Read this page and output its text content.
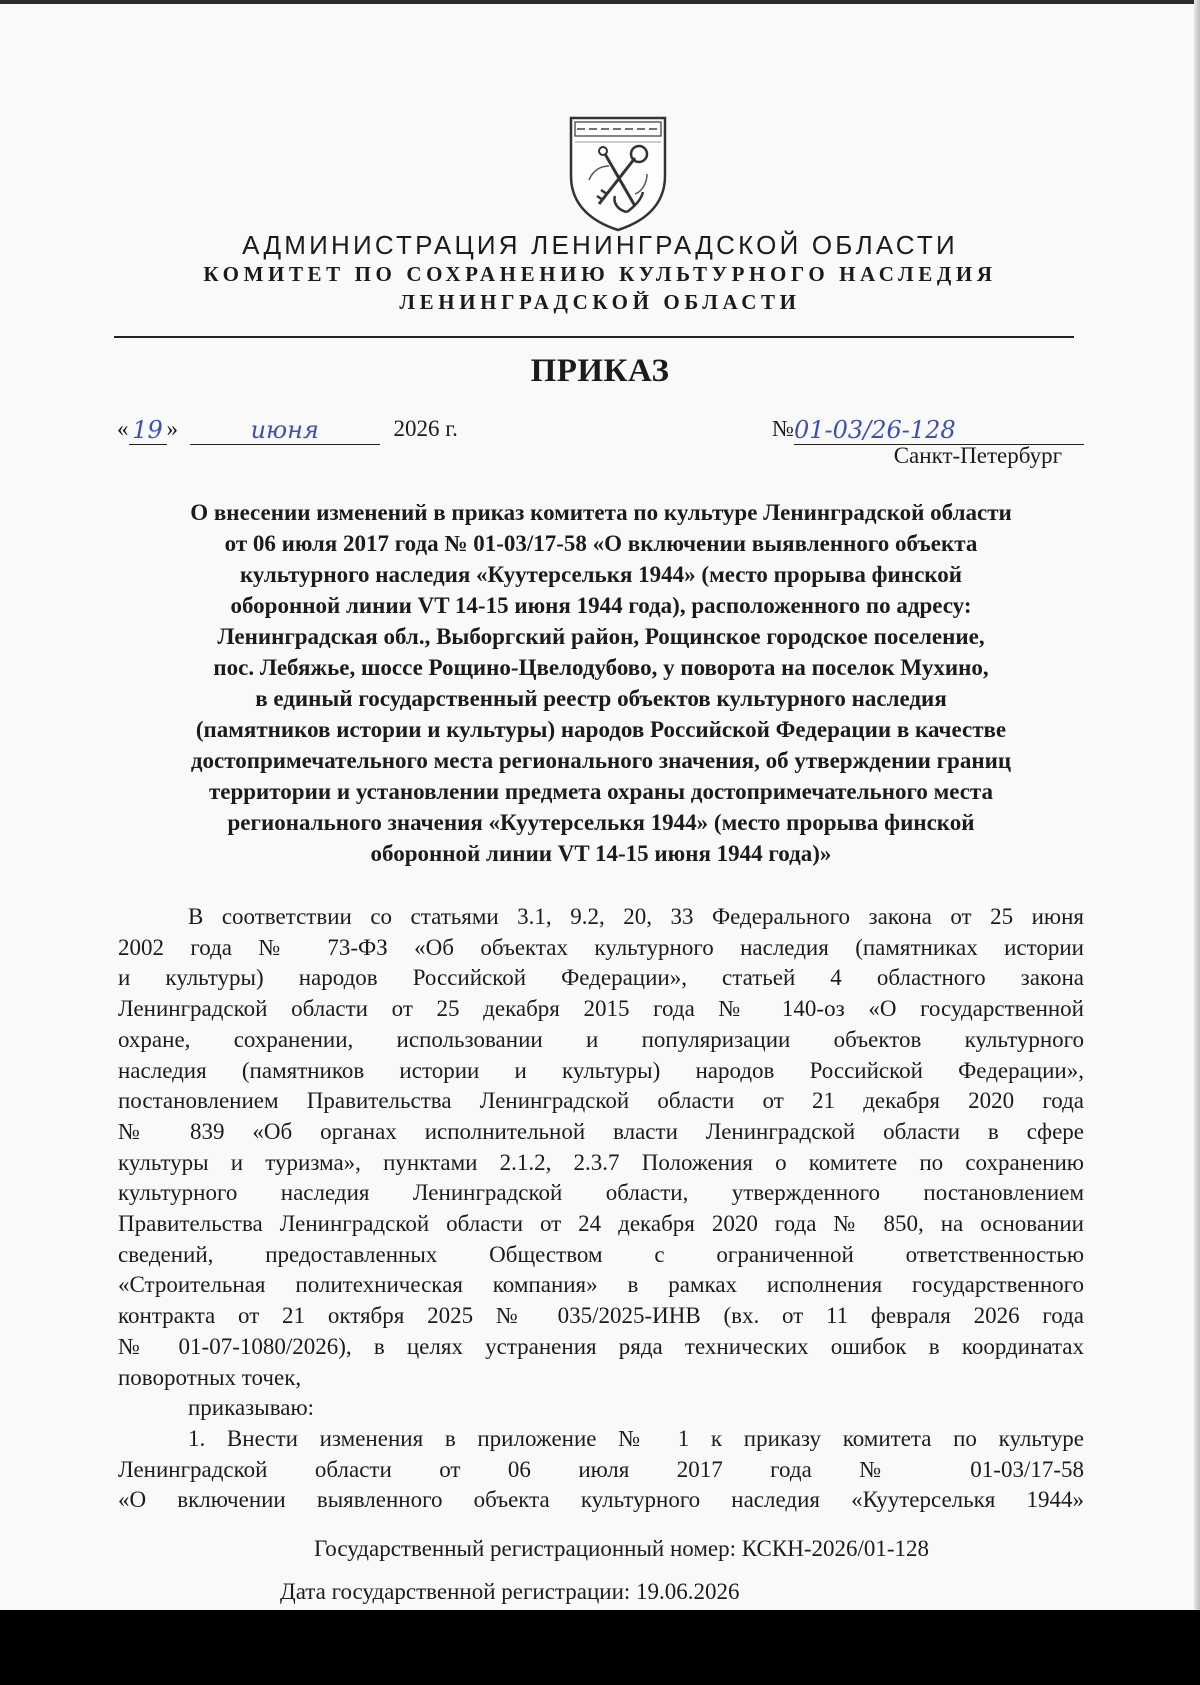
АДМИНИСТРАЦИЯ ЛЕНИНГРАДСКОЙ ОБЛАСТИ
КОМИТЕТ ПО СОХРАНЕНИЮ КУЛЬТУРНОГО НАСЛЕДИЯ
ЛЕНИНГРАДСКОЙ ОБЛАСТИ
ПРИКАЗ
« 19 »	июня	2026 г.	№01-03/26-128
Санкт-Петербург
О внесении изменений в приказ комитета по культуре Ленинградской области
от 06 июля 2017 года № 01-03/17-58 «О включении выявленного объекта
культурного наследия «Куутерселькя 1944» (место прорыва финской
оборонной линии VT 14-15 июня 1944 года), расположенного по адресу:
Ленинградская обл., Выборгский район, Рощинское городское поселение,
пос. Лебяжье, шоссе Рощино-Цвелодубово, у поворота на поселок Мухино,
в единый государственный реестр объектов культурного наследия
(памятников истории и культуры) народов Российской Федерации в качестве
достопримечательного места регионального значения, об утверждении границ
территории и установлении предмета охраны достопримечательного места
регионального значения «Куутерселькя 1944» (место прорыва финской
оборонной линии VT 14-15 июня 1944 года)»
В соответствии со статьями 3.1, 9.2, 20, 33 Федерального закона от 25 июня
2002 года № 73-ФЗ «Об объектах культурного наследия (памятниках истории
и культуры) народов Российской Федерации», статьей 4 областного закона
Ленинградской области от 25 декабря 2015 года № 140-оз «О государственной
охране, сохранении, использовании и популяризации объектов культурного
наследия (памятников истории и культуры) народов Российской Федерации»,
постановлением Правительства Ленинградской области от 21 декабря 2020 года
№ 839 «Об органах исполнительной власти Ленинградской области в сфере
культуры и туризма», пунктами 2.1.2, 2.3.7 Положения о комитете по сохранению
культурного наследия Ленинградской области, утвержденного постановлением
Правительства Ленинградской области от 24 декабря 2020 года № 850, на основании
сведений, предоставленных Обществом с ограниченной ответственностью
«Строительная политехническая компания» в рамках исполнения государственного
контракта от 21 октября 2025 № 035/2025-ИНВ (вх. от 11 февраля 2026 года
№ 01-07-1080/2026), в целях устранения ряда технических ошибок в координатах
поворотных точек,
приказываю:
1. Внести изменения в приложение № 1 к приказу комитета по культуре
Ленинградской области от 06 июля 2017 года № 01-03/17-58
«О включении выявленного объекта культурного наследия «Куутерселькя 1944»
Государственный регистрационный номер: КСКН-2026/01-128
Дата государственной регистрации: 19.06.2026
